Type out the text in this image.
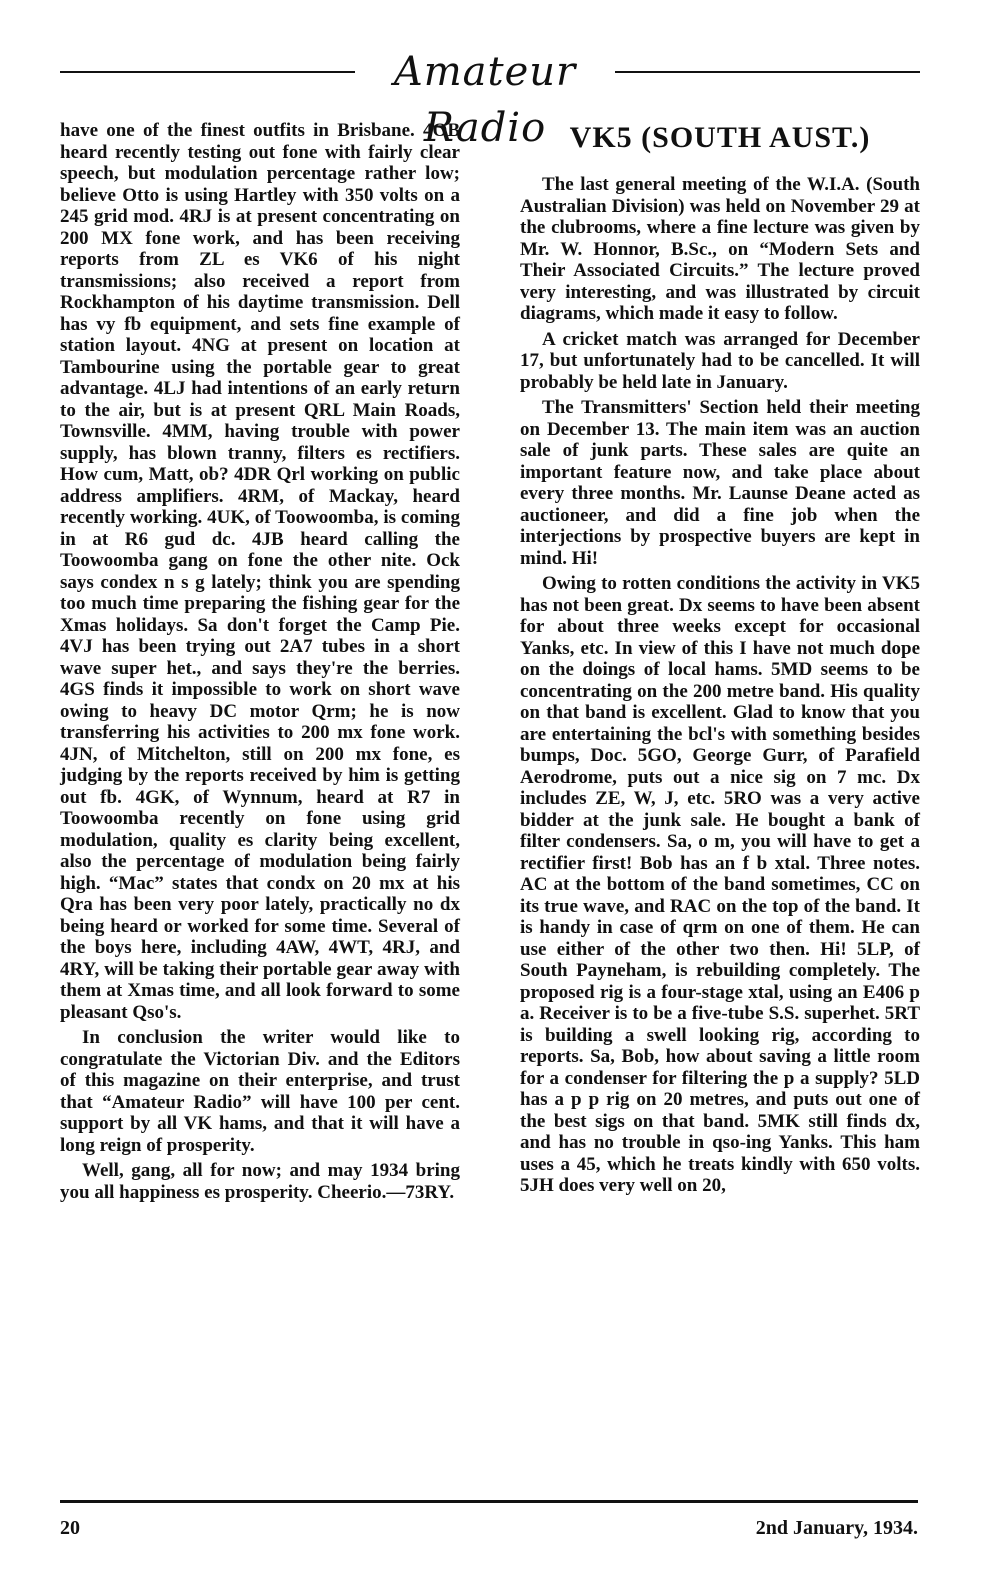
Amateur Radio

have one of the finest outfits in Brisbane. 4OB heard recently testing out fone with fairly clear speech, but modulation percentage rather low; believe Otto is using Hartley with 350 volts on a 245 grid mod. 4RJ is at present concentrating on 200 MX fone work, and has been receiving reports from ZL es VK6 of his night transmissions; also received a report from Rockhampton of his daytime transmission. Dell has vy fb equipment, and sets fine example of station layout. 4NG at present on location at Tambourine using the portable gear to great advantage. 4LJ had intentions of an early return to the air, but is at present QRL Main Roads, Townsville. 4MM, having trouble with power supply, has blown tranny, filters es rectifiers. How cum, Matt, ob? 4DR Qrl working on public address amplifiers. 4RM, of Mackay, heard recently working. 4UK, of Toowoomba, is coming in at R6 gud dc. 4JB heard calling the Toowoomba gang on fone the other nite. Ock says condex n s g lately; think you are spending too much time preparing the fishing gear for the Xmas holidays. Sa don't forget the Camp Pie. 4VJ has been trying out 2A7 tubes in a short wave super het., and says they're the berries. 4GS finds it impossible to work on short wave owing to heavy DC motor Qrm; he is now transferring his activities to 200 mx fone work. 4JN, of Mitchelton, still on 200 mx fone, es judging by the reports received by him is getting out fb. 4GK, of Wynnum, heard at R7 in Toowoomba recently on fone using grid modulation, quality es clarity being excellent, also the percentage of modulation being fairly high. “Mac” states that condx on 20 mx at his Qra has been very poor lately, practically no dx being heard or worked for some time. Several of the boys here, including 4AW, 4WT, 4RJ, and 4RY, will be taking their portable gear away with them at Xmas time, and all look forward to some pleasant Qso's.

In conclusion the writer would like to congratulate the Victorian Div. and the Editors of this magazine on their enterprise, and trust that “Amateur Radio” will have 100 per cent. support by all VK hams, and that it will have a long reign of prosperity.

Well, gang, all for now; and may 1934 bring you all happiness es prosperity. Cheerio.—73RY.

VK5 (SOUTH AUST.)

The last general meeting of the W.I.A. (South Australian Division) was held on November 29 at the clubrooms, where a fine lecture was given by Mr. W. Honnor, B.Sc., on “Modern Sets and Their Associated Circuits.” The lecture proved very interesting, and was illustrated by circuit diagrams, which made it easy to follow.

A cricket match was arranged for December 17, but unfortunately had to be cancelled. It will probably be held late in January.

The Transmitters' Section held their meeting on December 13. The main item was an auction sale of junk parts. These sales are quite an important feature now, and take place about every three months. Mr. Launse Deane acted as auctioneer, and did a fine job when the interjections by prospective buyers are kept in mind. Hi!

Owing to rotten conditions the activity in VK5 has not been great. Dx seems to have been absent for about three weeks except for occasional Yanks, etc. In view of this I have not much dope on the doings of local hams. 5MD seems to be concentrating on the 200 metre band. His quality on that band is excellent. Glad to know that you are entertaining the bcl's with something besides bumps, Doc. 5GO, George Gurr, of Parafield Aerodrome, puts out a nice sig on 7 mc. Dx includes ZE, W, J, etc. 5RO was a very active bidder at the junk sale. He bought a bank of filter condensers. Sa, o m, you will have to get a rectifier first! Bob has an f b xtal. Three notes. AC at the bottom of the band sometimes, CC on its true wave, and RAC on the top of the band. It is handy in case of qrm on one of them. He can use either of the other two then. Hi! 5LP, of South Payneham, is rebuilding completely. The proposed rig is a four-stage xtal, using an E406 p a. Receiver is to be a five-tube S.S. superhet. 5RT is building a swell looking rig, according to reports. Sa, Bob, how about saving a little room for a condenser for filtering the p a supply? 5LD has a p p rig on 20 metres, and puts out one of the best sigs on that band. 5MK still finds dx, and has no trouble in qso-ing Yanks. This ham uses a 45, which he treats kindly with 650 volts. 5JH does very well on 20,

20	2nd January, 1934.
